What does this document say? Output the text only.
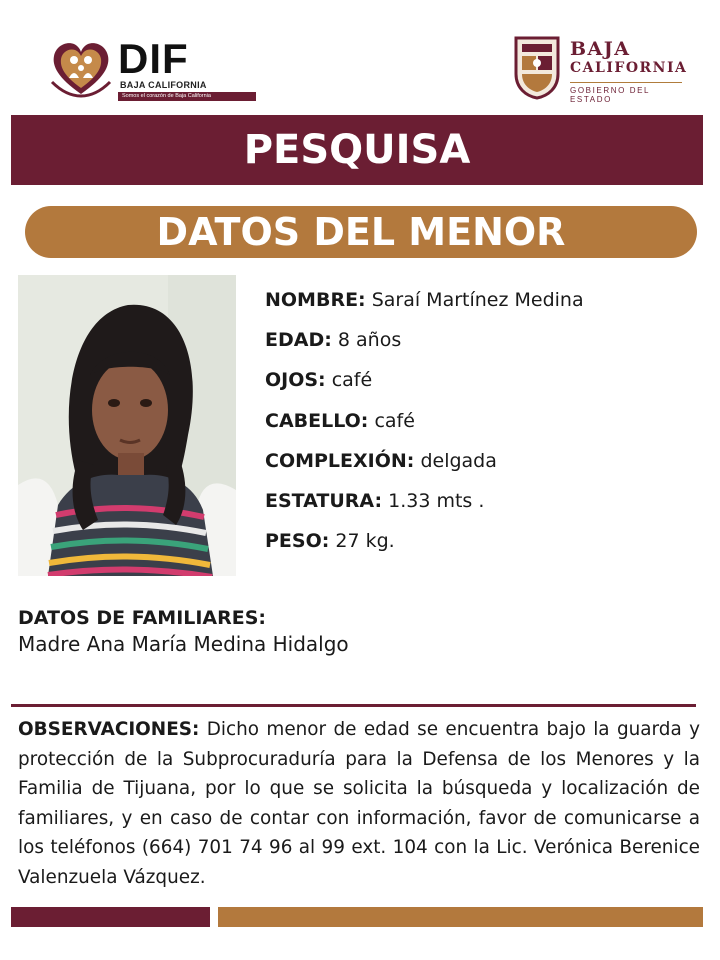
DIF
BAJA CALIFORNIA
Somos el corazón de Baja California
BAJA
CALIFORNIA
GOBIERNO DEL ESTADO
PESQUISA
DATOS DEL MENOR
NOMBRE: Saraí Martínez Medina
EDAD: 8 años
OJOS: café
CABELLO: café
COMPLEXIÓN: delgada
ESTATURA: 1.33 mts .
PESO: 27 kg.
DATOS DE FAMILIARES:
Madre Ana María Medina Hidalgo
OBSERVACIONES: Dicho menor de edad se encuentra bajo la guarda y protección de la Subprocuraduría para la Defensa de los Menores y la Familia de Tijuana, por lo que se solicita la búsqueda y localización de familiares, y en caso de contar con información, favor de comunicarse a los teléfonos (664) 701 74 96 al 99 ext. 104 con la Lic. Verónica Berenice Valenzuela Vázquez.
